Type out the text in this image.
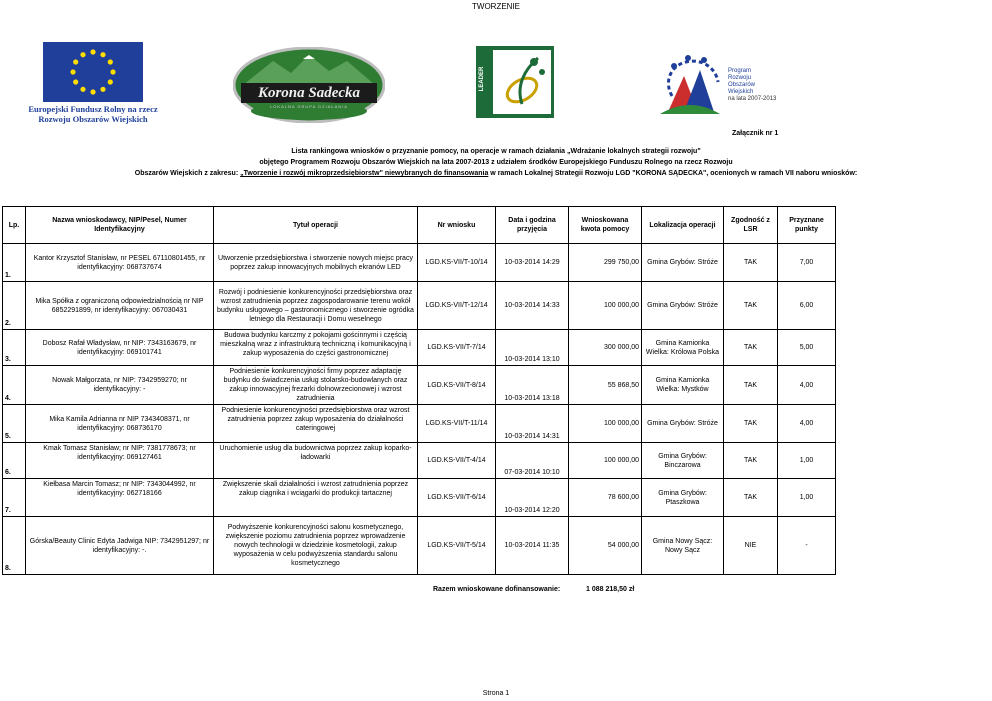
TWORZENIE
Europejski Fundusz Rolny na rzecz
Rozwoju Obszarów Wiejskich
Korona Sadecka
LOKALNA GRUPA DZIAŁANIA
LEADER	Program
Rozwoju
Obszarów
Wiejskich
na lata 2007-2013
Załącznik nr 1
Lista rankingowa wniosków o przyznanie pomocy, na operacje w ramach działania „Wdrażanie lokalnych strategii rozwoju"
objętego Programem Rozwoju Obszarów Wiejskich na lata 2007-2013 z udziałem środków Europejskiego Funduszu Rolnego na rzecz Rozwoju
Obszarów Wiejskich z zakresu: „Tworzenie i rozwój mikroprzedsiębiorstw" niewybranych do finansowania w ramach Lokalnej Strategii Rozwoju LGD "KORONA SĄDECKA", ocenionych w ramach VII naboru wniosków:
Lp.	Nazwa wnioskodawcy, NIP/Pesel, Numer Identyfikacyjny	Tytuł operacji	Nr wniosku	Data i godzina przyjęcia	Wnioskowana kwota pomocy	Lokalizacja operacji	Zgodność z LSR	Przyznane punkty
1.	Kantor Krzysztof Stanisław, nr PESEL 67110801455, nr identyfikacyjny: 068737674	Utworzenie przedsiębiorstwa i stworzenie nowych miejsc pracy poprzez zakup innowacyjnych mobilnych ekranów LED	LGD.KS-VII/T-10/14	10-03-2014 14:29	299 750,00	Gmina Grybów: Stróże	TAK	7,00
2.	Mika Spółka z ograniczoną odpowiedzialnością nr NIP 6852291899, nr identyfikacyjny: 067030431	Rozwój i podniesienie konkurencyjności przedsiębiorstwa oraz wzrost zatrudnienia poprzez zagospodarowanie terenu wokół budynku usługowego – gastronomicznego i stworzenie ogródka letniego dla Restauracji i Domu weselnego	LGD.KS-VII/T-12/14	10-03-2014 14:33	100 000,00	Gmina Grybów: Stróże	TAK	6,00
3.	Dobosz Rafał Władysław, nr NIP: 7343163679, nr identyfikacyjny: 069101741	Budowa budynku karczmy z pokojami gościnnymi i częścią mieszkalną wraz z infrastrukturą techniczną i komunikacyjną i zakup wyposażenia do części gastronomicznej	LGD.KS-VII/T-7/14	10-03-2014 13:10	300 000,00	Gmina Kamionka Wielka: Królowa Polska	TAK	5,00
4.	Nowak Małgorzata, nr NIP: 7342959270; nr identyfikacyjny: -	Podniesienie konkurencyjności firmy poprzez adaptację budynku do świadczenia usług stolarsko-budowlanych oraz zakup innowacyjnej frezarki dolnowrzecionowej i wzrost zatrudnienia	LGD.KS-VII/T-8/14	10-03-2014 13:18	55 868,50	Gmina Kamionka Wielka: Mystków	TAK	4,00
5.	Mika Kamila Adrianna nr NIP 7343408371, nr identyfikacyjny: 068736170	Podniesienie konkurencyjności przedsiębiorstwa oraz wzrost zatrudnienia poprzez zakup wyposażenia do działalności cateringowej	LGD.KS-VII/T-11/14	10-03-2014 14:31	100 000,00	Gmina Grybów: Stróże	TAK	4,00
6.	Kmak Tomasz Stanisław; nr NIP: 7381778673; nr identyfikacyjny: 069127461	Uruchomienie usług dla budownictwa poprzez zakup koparko-ładowarki	LGD.KS-VII/T-4/14	07-03-2014 10:10	100 000,00	Gmina Grybów: Binczarowa	TAK	1,00
7.	Kiełbasa Marcin Tomasz; nr NIP: 7343044992, nr identyfikacyjny: 062718166	Zwiększenie skali działalności i wzrost zatrudnienia poprzez zakup ciągnika i wciągarki do produkcji tartacznej	LGD.KS-VII/T-6/14	10-03-2014 12:20	78 600,00	Gmina Grybów: Ptaszkowa	TAK	1,00
8.	Górska/Beauty Clinic Edyta Jadwiga NIP: 7342951297; nr identyfikacyjny: -.	Podwyższenie konkurencyjności salonu kosmetycznego, zwiększenie poziomu zatrudnienia poprzez wprowadzenie nowych technologii w dziedzinie kosmetologii, zakup wyposażenia w celu podwyższenia standardu salonu kosmetycznego	LGD.KS-VII/T-5/14	10-03-2014 11:35	54 000,00	Gmina Nowy Sącz: Nowy Sącz	NIE	-
Razem wnioskowane dofinansowanie:	1 088 218,50 zł
Strona 1
